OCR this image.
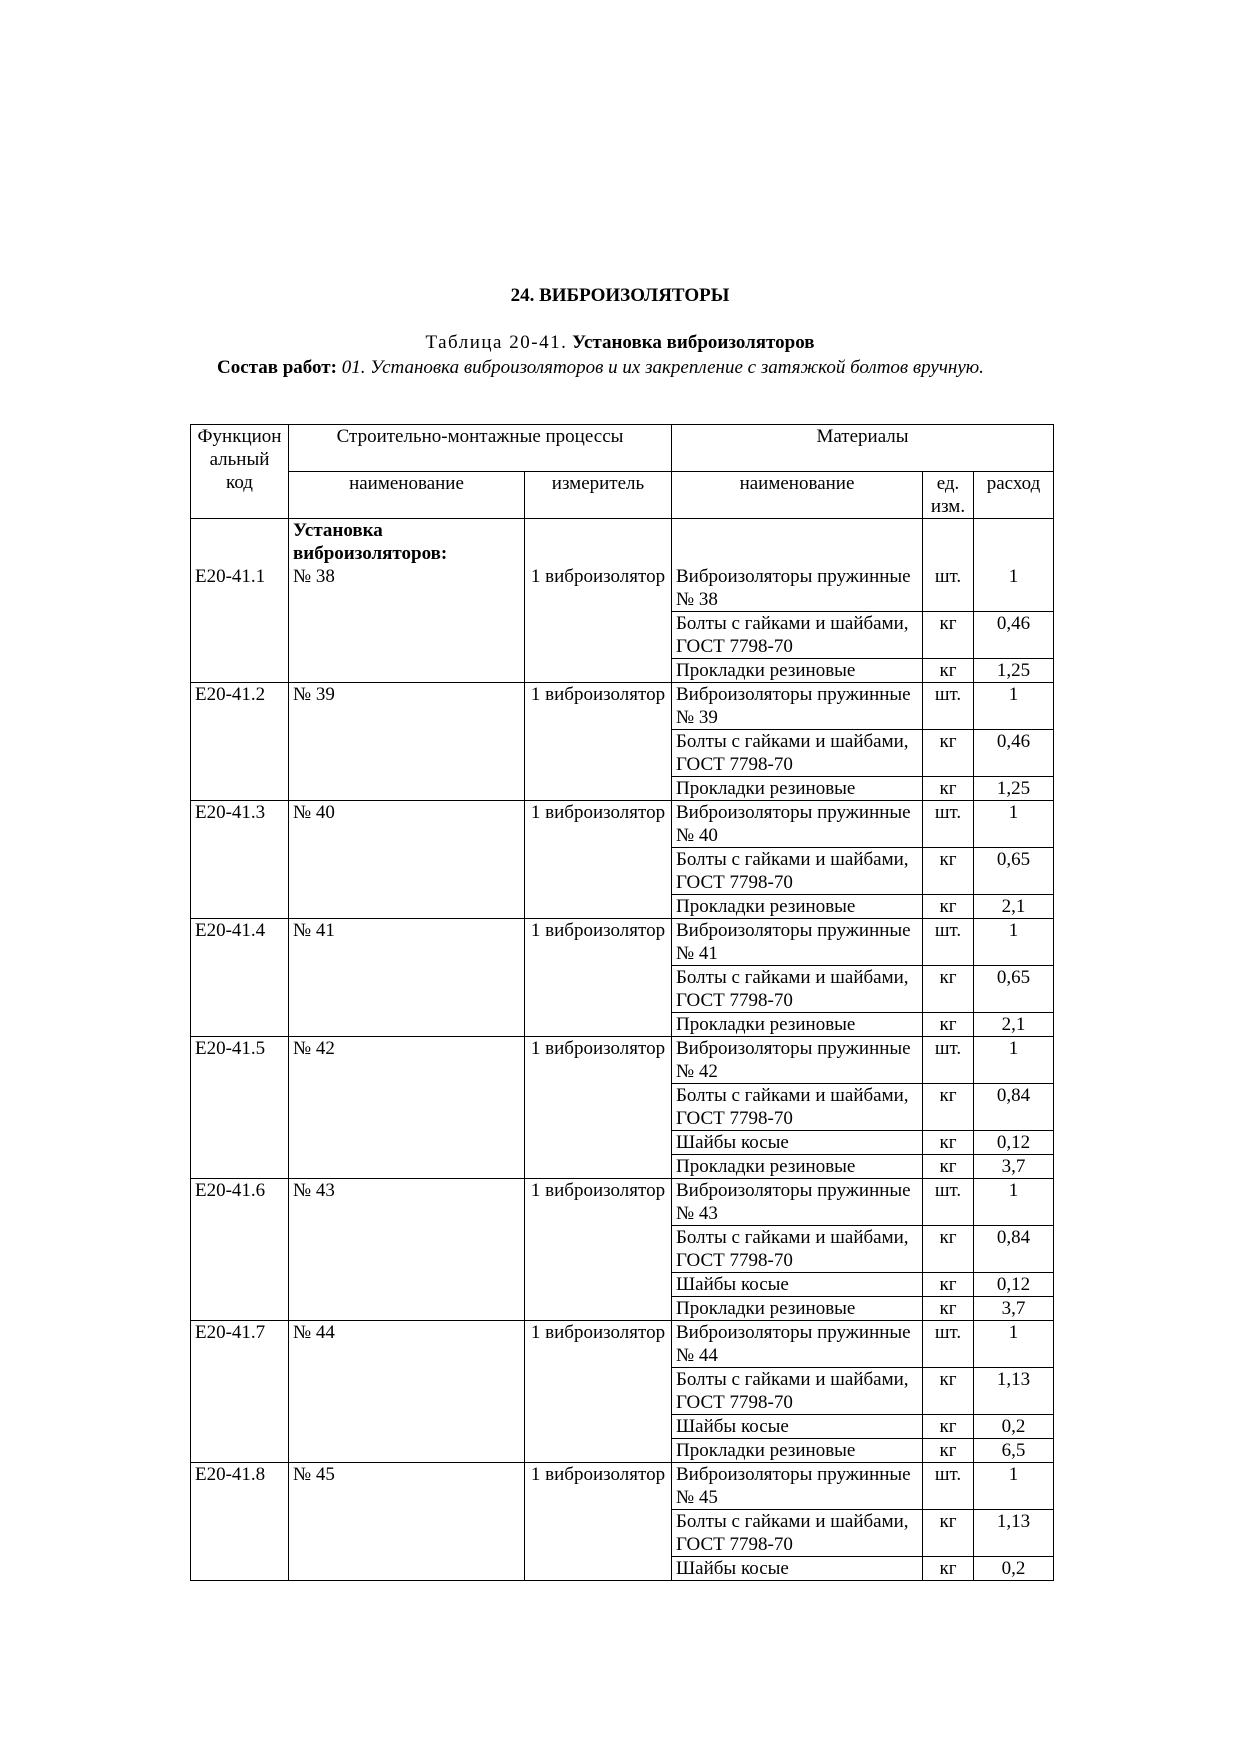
24. ВИБРОИЗОЛЯТОРЫ
Таблица 20-41. Установка виброизоляторов
Состав работ: 01. Установка виброизоляторов и их закрепление с затяжкой болтов вручную.
Функцион альный код	Строительно-монтажные процессы		Материалы		
	наименование	измеритель	наименование	ед. изм.	расход
	Установка виброизоляторов:				
Е20-41.1	№ 38	1 виброизолятор	Виброизоляторы пружинные № 38	шт.	1
			Болты с гайками и шайбами, ГОСТ 7798-70	кг	0,46
			Прокладки резиновые	кг	1,25
Е20-41.2	№ 39	1 виброизолятор	Виброизоляторы пружинные № 39	шт.	1
			Болты с гайками и шайбами, ГОСТ 7798-70	кг	0,46
			Прокладки резиновые	кг	1,25
Е20-41.3	№ 40	1 виброизолятор	Виброизоляторы пружинные № 40	шт.	1
			Болты с гайками и шайбами, ГОСТ 7798-70	кг	0,65
			Прокладки резиновые	кг	2,1
Е20-41.4	№ 41	1 виброизолятор	Виброизоляторы пружинные № 41	шт.	1
			Болты с гайками и шайбами, ГОСТ 7798-70	кг	0,65
			Прокладки резиновые	кг	2,1
Е20-41.5	№ 42	1 виброизолятор	Виброизоляторы пружинные № 42	шт.	1
			Болты с гайками и шайбами, ГОСТ 7798-70	кг	0,84
			Шайбы косые	кг	0,12
			Прокладки резиновые	кг	3,7
Е20-41.6	№ 43	1 виброизолятор	Виброизоляторы пружинные № 43	шт.	1
			Болты с гайками и шайбами, ГОСТ 7798-70	кг	0,84
			Шайбы косые	кг	0,12
			Прокладки резиновые	кг	3,7
Е20-41.7	№ 44	1 виброизолятор	Виброизоляторы пружинные № 44	шт.	1
			Болты с гайками и шайбами, ГОСТ 7798-70	кг	1,13
			Шайбы косые	кг	0,2
			Прокладки резиновые	кг	6,5
Е20-41.8	№ 45	1 виброизолятор	Виброизоляторы пружинные № 45	шт.	1
			Болты с гайками и шайбами, ГОСТ 7798-70	кг	1,13
			Шайбы косые	кг	0,2
